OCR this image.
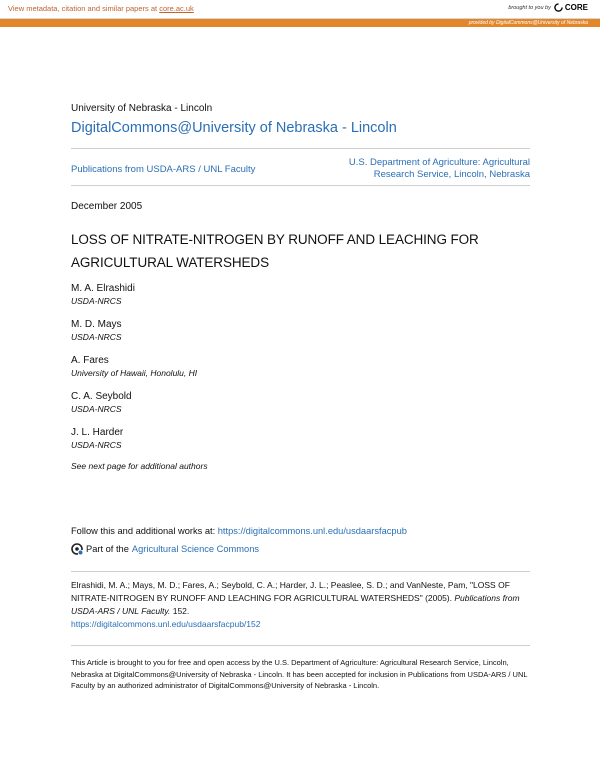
View metadata, citation and similar papers at core.ac.uk	brought to you by CORE
provided by DigitalCommons@University of Nebraska
University of Nebraska - Lincoln
DigitalCommons@University of Nebraska - Lincoln
Publications from USDA-ARS / UNL Faculty
U.S. Department of Agriculture: Agricultural
Research Service, Lincoln, Nebraska
December 2005
LOSS OF NITRATE-NITROGEN BY RUNOFF AND LEACHING FOR
AGRICULTURAL WATERSHEDS
M. A. Elrashidi
USDA-NRCS
M. D. Mays
USDA-NRCS
A. Fares
University of Hawaii, Honolulu, HI
C. A. Seybold
USDA-NRCS
J. L. Harder
USDA-NRCS
See next page for additional authors
Follow this and additional works at: https://digitalcommons.unl.edu/usdaarsfacpub
Part of the Agricultural Science Commons
Elrashidi, M. A.; Mays, M. D.; Fares, A.; Seybold, C. A.; Harder, J. L.; Peaslee, S. D.; and VanNeste, Pam, "LOSS OF NITRATE-NITROGEN BY RUNOFF AND LEACHING FOR AGRICULTURAL WATERSHEDS" (2005). Publications from USDA-ARS / UNL Faculty. 152.
https://digitalcommons.unl.edu/usdaarsfacpub/152
This Article is brought to you for free and open access by the U.S. Department of Agriculture: Agricultural Research Service, Lincoln, Nebraska at DigitalCommons@University of Nebraska - Lincoln. It has been accepted for inclusion in Publications from USDA-ARS / UNL Faculty by an authorized administrator of DigitalCommons@University of Nebraska - Lincoln.
